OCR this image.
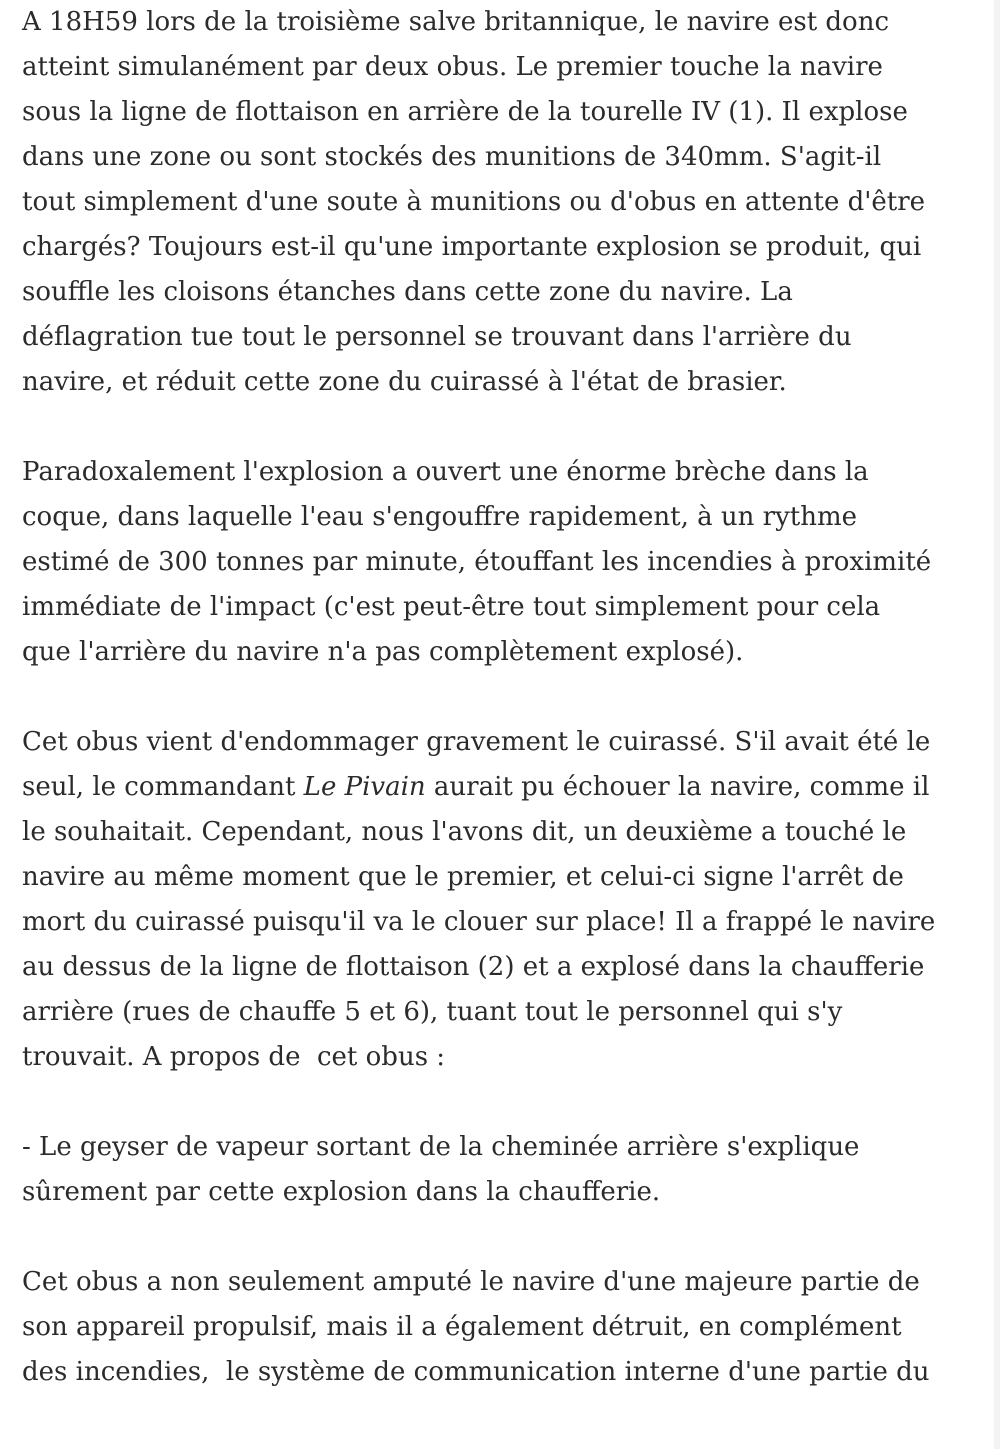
A 18H59 lors de la troisième salve britannique, le navire est donc
atteint simulanément par deux obus. Le premier touche la navire
sous la ligne de flottaison en arrière de la tourelle IV (1). Il explose
dans une zone ou sont stockés des munitions de 340mm. S'agit-il
tout simplement d'une soute à munitions ou d'obus en attente d'être
chargés? Toujours est-il qu'une importante explosion se produit, qui
souffle les cloisons étanches dans cette zone du navire. La
déflagration tue tout le personnel se trouvant dans l'arrière du
navire, et réduit cette zone du cuirassé à l'état de brasier.
Paradoxalement l'explosion a ouvert une énorme brèche dans la
coque, dans laquelle l'eau s'engouffre rapidement, à un rythme
estimé de 300 tonnes par minute, étouffant les incendies à proximité
immédiate de l'impact (c'est peut-être tout simplement pour cela
que l'arrière du navire n'a pas complètement explosé).
Cet obus vient d'endommager gravement le cuirassé. S'il avait été le
seul, le commandant Le Pivain aurait pu échouer la navire, comme il
le souhaitait. Cependant, nous l'avons dit, un deuxième a touché le
navire au même moment que le premier, et celui-ci signe l'arrêt de
mort du cuirassé puisqu'il va le clouer sur place! Il a frappé le navire
au dessus de la ligne de flottaison (2) et a explosé dans la chaufferie
arrière (rues de chauffe 5 et 6), tuant tout le personnel qui s'y
trouvait. A propos de  cet obus :
- Le geyser de vapeur sortant de la cheminée arrière s'explique
sûrement par cette explosion dans la chaufferie.
Cet obus a non seulement amputé le navire d'une majeure partie de
son appareil propulsif, mais il a également détruit, en complément
des incendies,  le système de communication interne d'une partie du
